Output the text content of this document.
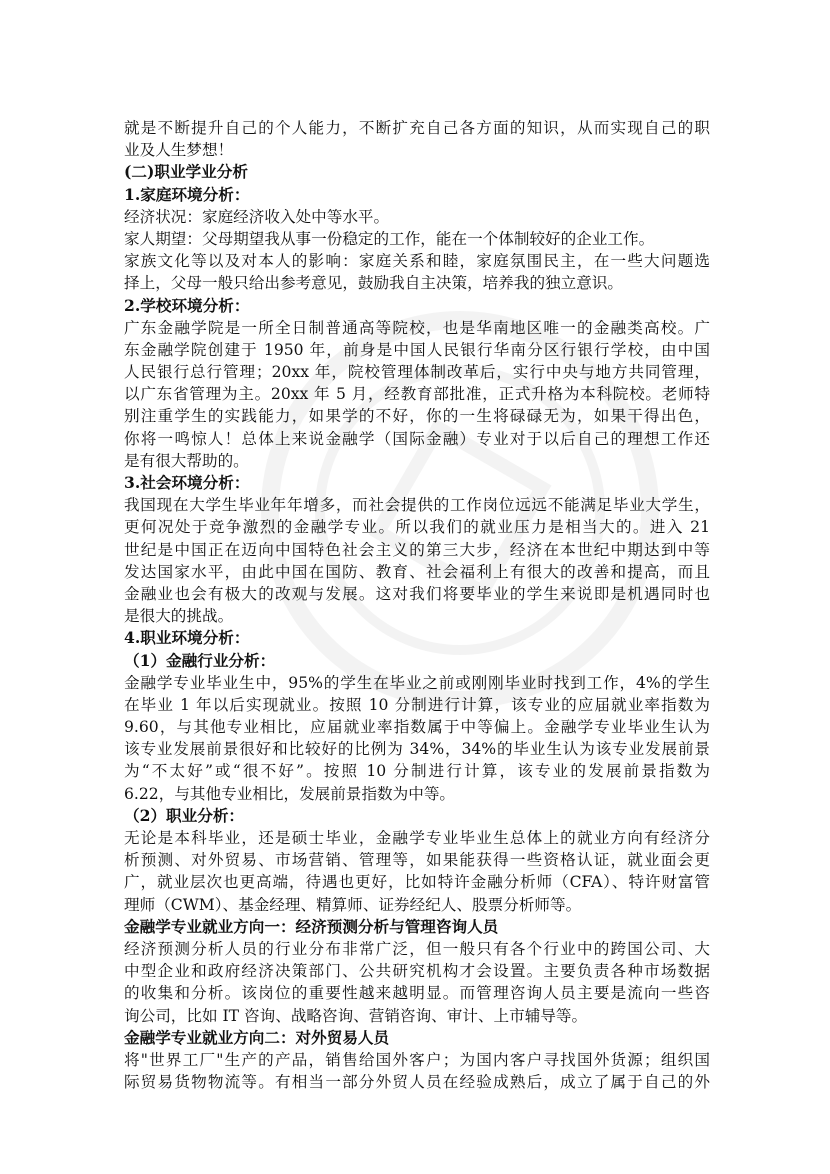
就是不断提升自己的个人能力，不断扩充自己各方面的知识，从而实现自己的职
业及人生梦想！
(二)职业学业分析
1.家庭环境分析：
经济状况：家庭经济收入处中等水平。
家人期望：父母期望我从事一份稳定的工作，能在一个体制较好的企业工作。
家族文化等以及对本人的影响：家庭关系和睦，家庭氛围民主，在一些大问题选
择上，父母一般只给出参考意见，鼓励我自主决策，培养我的独立意识。
2.学校环境分析：
广东金融学院是一所全日制普通高等院校，也是华南地区唯一的金融类高校。广
东金融学院创建于 1950 年，前身是中国人民银行华南分区行银行学校，由中国
人民银行总行管理；20xx 年，院校管理体制改革后，实行中央与地方共同管理，
以广东省管理为主。20xx 年 5 月，经教育部批准，正式升格为本科院校。老师特
别注重学生的实践能力，如果学的不好，你的一生将碌碌无为，如果干得出色，
你将一鸣惊人！总体上来说金融学（国际金融）专业对于以后自己的理想工作还
是有很大帮助的。
3.社会环境分析：
我国现在大学生毕业年年增多，而社会提供的工作岗位远远不能满足毕业大学生，
更何况处于竞争激烈的金融学专业。所以我们的就业压力是相当大的。进入 21
世纪是中国正在迈向中国特色社会主义的第三大步，经济在本世纪中期达到中等
发达国家水平，由此中国在国防、教育、社会福利上有很大的改善和提高，而且
金融业也会有极大的改观与发展。这对我们将要毕业的学生来说即是机遇同时也
是很大的挑战。
4.职业环境分析：
（1）金融行业分析：
金融学专业毕业生中，95%的学生在毕业之前或刚刚毕业时找到工作，4%的学生
在毕业 1 年以后实现就业。按照 10 分制进行计算，该专业的应届就业率指数为
9.60，与其他专业相比，应届就业率指数属于中等偏上。金融学专业毕业生认为
该专业发展前景很好和比较好的比例为 34%，34%的毕业生认为该专业发展前景
为“不太好”或“很不好”。按照 10 分制进行计算，该专业的发展前景指数为
6.22，与其他专业相比，发展前景指数为中等。
（2）职业分析：
无论是本科毕业，还是硕士毕业，金融学专业毕业生总体上的就业方向有经济分
析预测、对外贸易、市场营销、管理等，如果能获得一些资格认证，就业面会更
广，就业层次也更高端，待遇也更好，比如特许金融分析师（CFA）、特许财富管
理师（CWM）、基金经理、精算师、证券经纪人、股票分析师等。
金融学专业就业方向一：经济预测分析与管理咨询人员
经济预测分析人员的行业分布非常广泛，但一般只有各个行业中的跨国公司、大
中型企业和政府经济决策部门、公共研究机构才会设置。主要负责各种市场数据
的收集和分析。该岗位的重要性越来越明显。而管理咨询人员主要是流向一些咨
询公司，比如 IT 咨询、战略咨询、营销咨询、审计、上市辅导等。
金融学专业就业方向二：对外贸易人员
将"世界工厂"生产的产品，销售给国外客户；为国内客户寻找国外货源；组织国
际贸易货物物流等。有相当一部分外贸人员在经验成熟后，成立了属于自己的外
